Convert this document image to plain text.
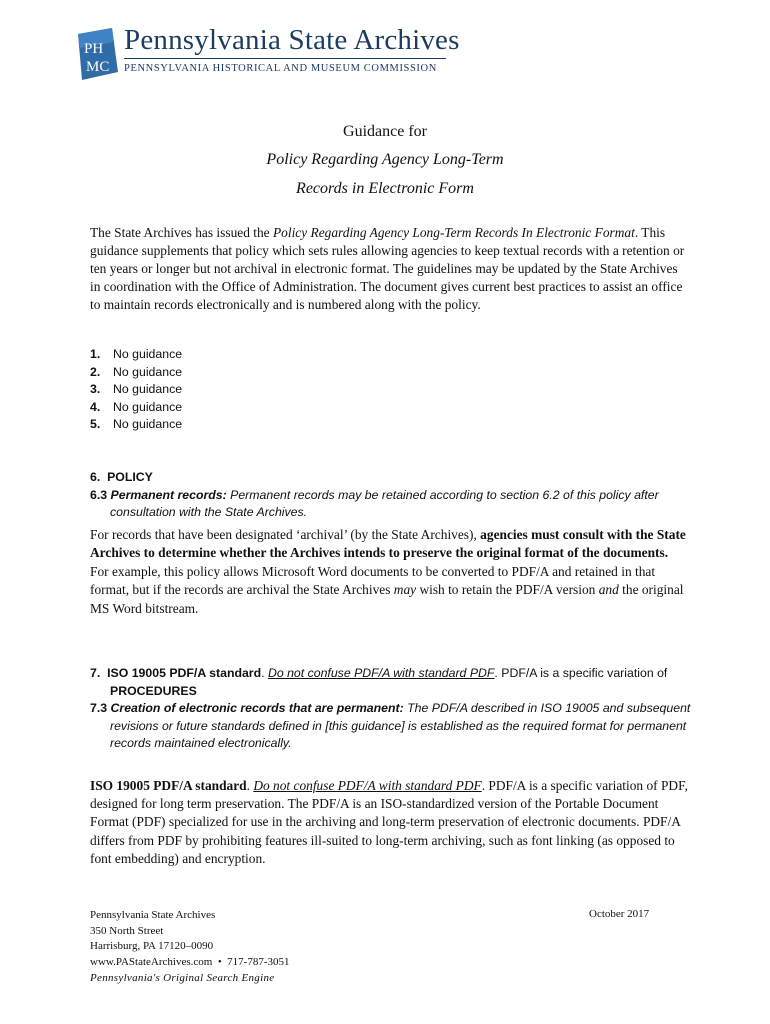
PH
MC
Pennsylvania State Archives
PENNSYLVANIA HISTORICAL AND MUSEUM COMMISSION
Guidance for
Policy Regarding Agency Long-Term
Records in Electronic Form
The State Archives has issued the Policy Regarding Agency Long-Term Records In Electronic Format. This guidance supplements that policy which sets rules allowing agencies to keep textual records with a retention or ten years or longer but not archival in electronic format. The guidelines may be updated by the State Archives in coordination with the Office of Administration. The document gives current best practices to assist an office to maintain records electronically and is numbered along with the policy.
1.	No guidance
2.	No guidance
3.	No guidance
4.	No guidance
5.	No guidance
6. POLICY
6.3 Permanent records: Permanent records may be retained according to section 6.2 of this policy after consultation with the State Archives.
For records that have been designated ‘archival’ (by the State Archives), agencies must consult with the State Archives to determine whether the Archives intends to preserve the original format of the documents. For example, this policy allows Microsoft Word documents to be converted to PDF/A and retained in that format, but if the records are archival the State Archives may wish to retain the PDF/A version and the original MS Word bitstream.
7. ISO 19005 PDF/A standard. Do not confuse PDF/A with standard PDF. PDF/A is a specific variation of
PROCEDURES
7.3 Creation of electronic records that are permanent: The PDF/A described in ISO 19005 and subsequent revisions or future standards defined in [this guidance] is established as the required format for permanent records maintained electronically.
ISO 19005 PDF/A standard. Do not confuse PDF/A with standard PDF. PDF/A is a specific variation of PDF, designed for long term preservation. The PDF/A is an ISO-standardized version of the Portable Document Format (PDF) specialized for use in the archiving and long-term preservation of electronic documents. PDF/A differs from PDF by prohibiting features ill-suited to long-term archiving, such as font linking (as opposed to font embedding) and encryption.
Pennsylvania State Archives
350 North Street
Harrisburg, PA 17120–0090
www.PAStateArchives.com • 717-787-3051
October 2017
Pennsylvania's Original Search Engine
